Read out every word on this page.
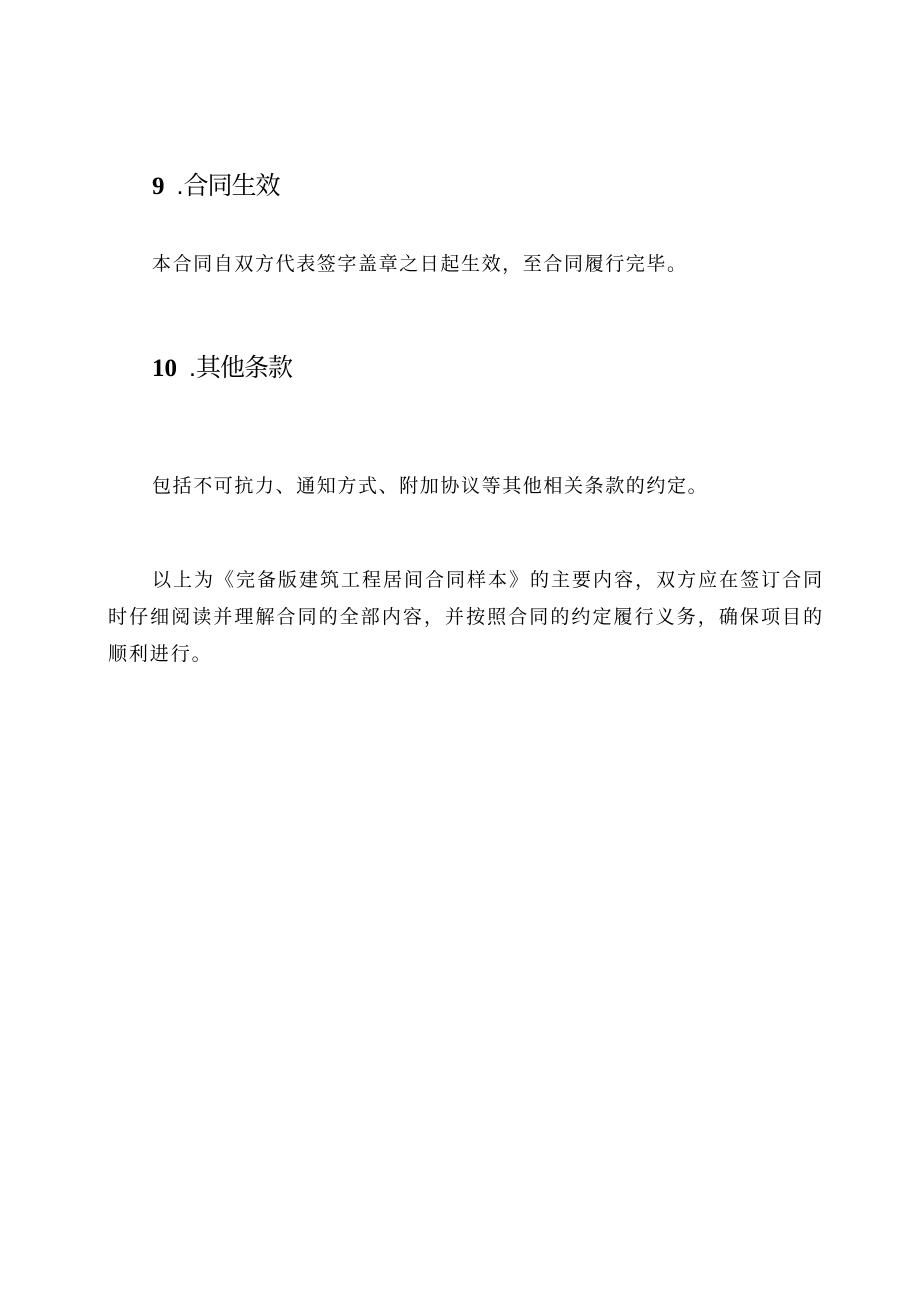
9 .合同生效

本合同自双方代表签字盖章之日起生效，至合同履行完毕。

10 .其他条款

包括不可抗力、通知方式、附加协议等其他相关条款的约定。

以上为《完备版建筑工程居间合同样本》的主要内容，双方应在签订合同时仔细阅读并理解合同的全部内容，并按照合同的约定履行义务，确保项目的顺利进行。
